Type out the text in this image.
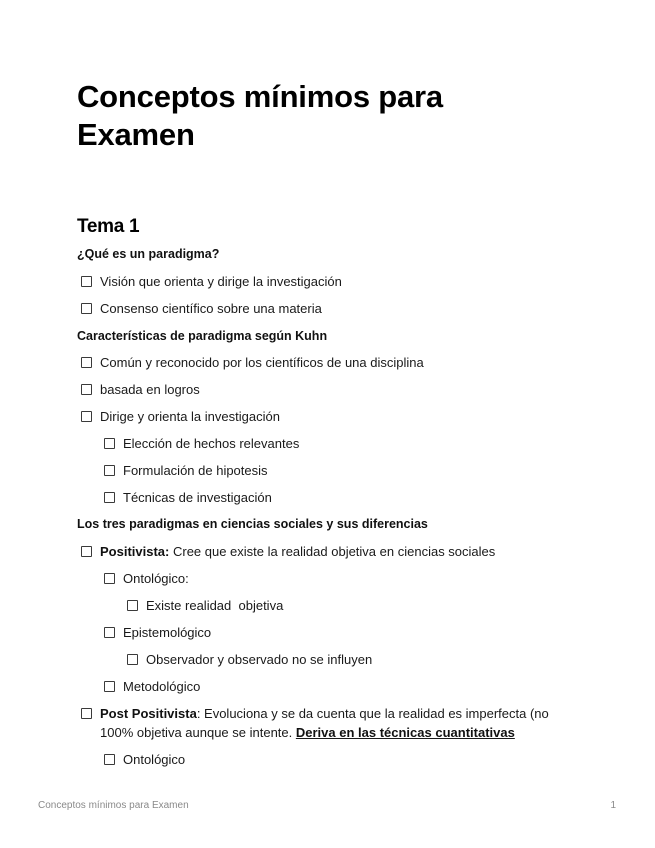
Conceptos mínimos para Examen
Tema 1
¿Qué es un paradigma?
Visión que orienta y dirige la investigación
Consenso científico sobre una materia
Características de paradigma según Kuhn
Común y reconocido por los científicos de una disciplina
basada en logros
Dirige y orienta la investigación
Elección de hechos relevantes
Formulación de hipotesis
Técnicas de investigación
Los tres paradigmas en ciencias sociales y sus diferencias
Positivista: Cree que existe la realidad objetiva en ciencias sociales
Ontológico:
Existe realidad  objetiva
Epistemológico
Observador y observado no se influyen
Metodológico
Post Positivista: Evoluciona y se da cuenta que la realidad es imperfecta (no 100% objetiva aunque se intente. Deriva en las técnicas cuantitativas
Ontológico
Conceptos mínimos para Examen	1
